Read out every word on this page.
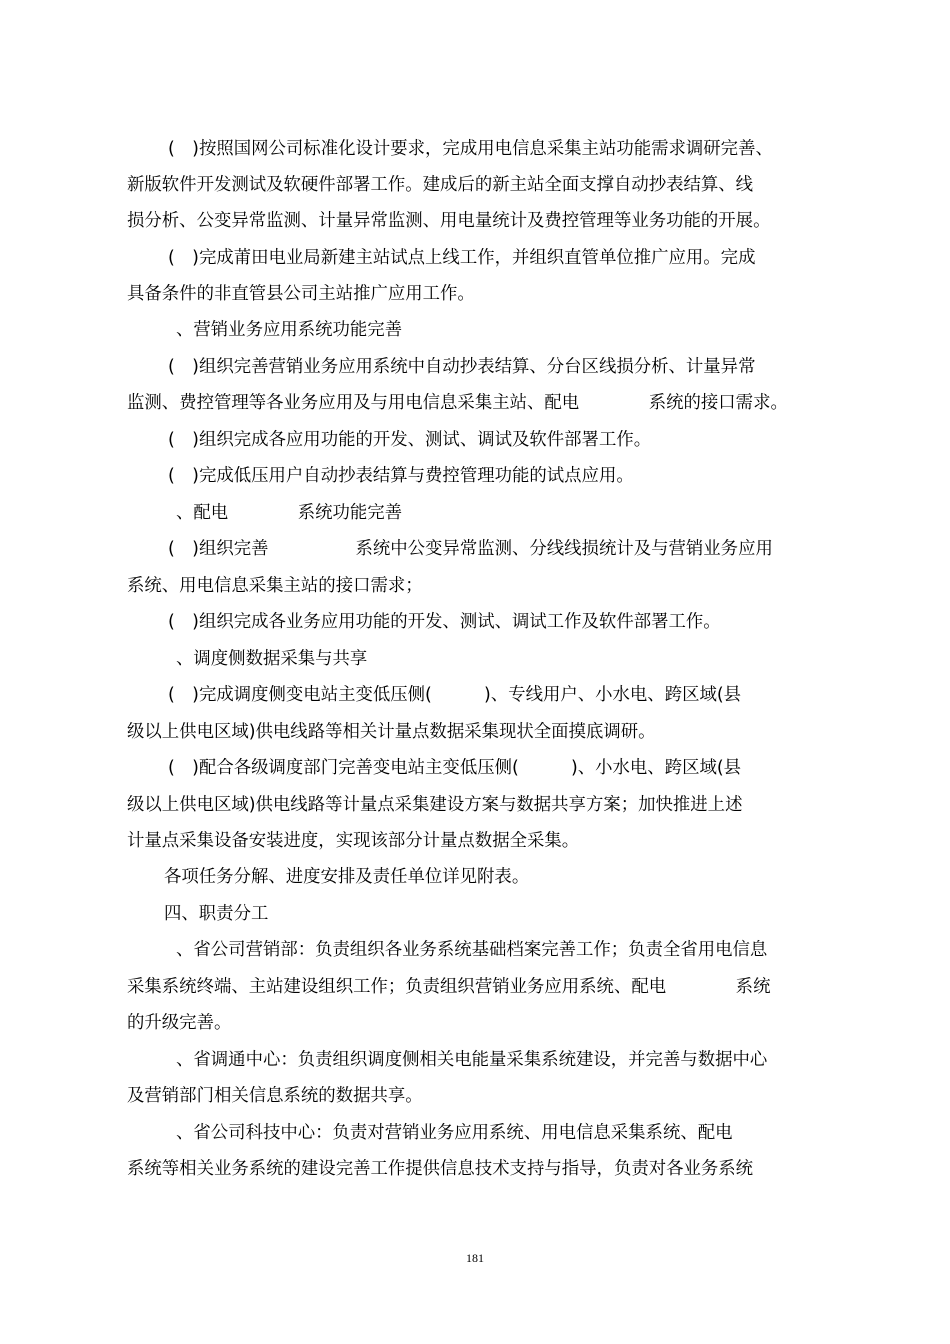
(　)按照国网公司标准化设计要求，完成用电信息采集主站功能需求调研完善、
新版软件开发测试及软硬件部署工作。建成后的新主站全面支撑自动抄表结算、线
损分析、公变异常监测、计量异常监测、用电量统计及费控管理等业务功能的开展。
(　)完成莆田电业局新建主站试点上线工作，并组织直管单位推广应用。完成
具备条件的非直管县公司主站推广应用工作。
、营销业务应用系统功能完善
(　)组织完善营销业务应用系统中自动抄表结算、分台区线损分析、计量异常
监测、费控管理等各业务应用及与用电信息采集主站、配电　　　　系统的接口需求。
(　)组织完成各应用功能的开发、测试、调试及软件部署工作。
(　)完成低压用户自动抄表结算与费控管理功能的试点应用。
、配电　　　　系统功能完善
(　)组织完善　　　　　系统中公变异常监测、分线线损统计及与营销业务应用
系统、用电信息采集主站的接口需求；
(　)组织完成各业务应用功能的开发、测试、调试工作及软件部署工作。
、调度侧数据采集与共享
(　)完成调度侧变电站主变低压侧(　　　)、专线用户、小水电、跨区域(县
级以上供电区域)供电线路等相关计量点数据采集现状全面摸底调研。
(　)配合各级调度部门完善变电站主变低压侧(　　　)、小水电、跨区域(县
级以上供电区域)供电线路等计量点采集建设方案与数据共享方案；加快推进上述
计量点采集设备安装进度，实现该部分计量点数据全采集。
各项任务分解、进度安排及责任单位详见附表。
四、职责分工
、省公司营销部：负责组织各业务系统基础档案完善工作；负责全省用电信息
采集系统终端、主站建设组织工作；负责组织营销业务应用系统、配电　　　　系统
的升级完善。
、省调通中心：负责组织调度侧相关电能量采集系统建设，并完善与数据中心
及营销部门相关信息系统的数据共享。
、省公司科技中心：负责对营销业务应用系统、用电信息采集系统、配电
系统等相关业务系统的建设完善工作提供信息技术支持与指导，负责对各业务系统
181
